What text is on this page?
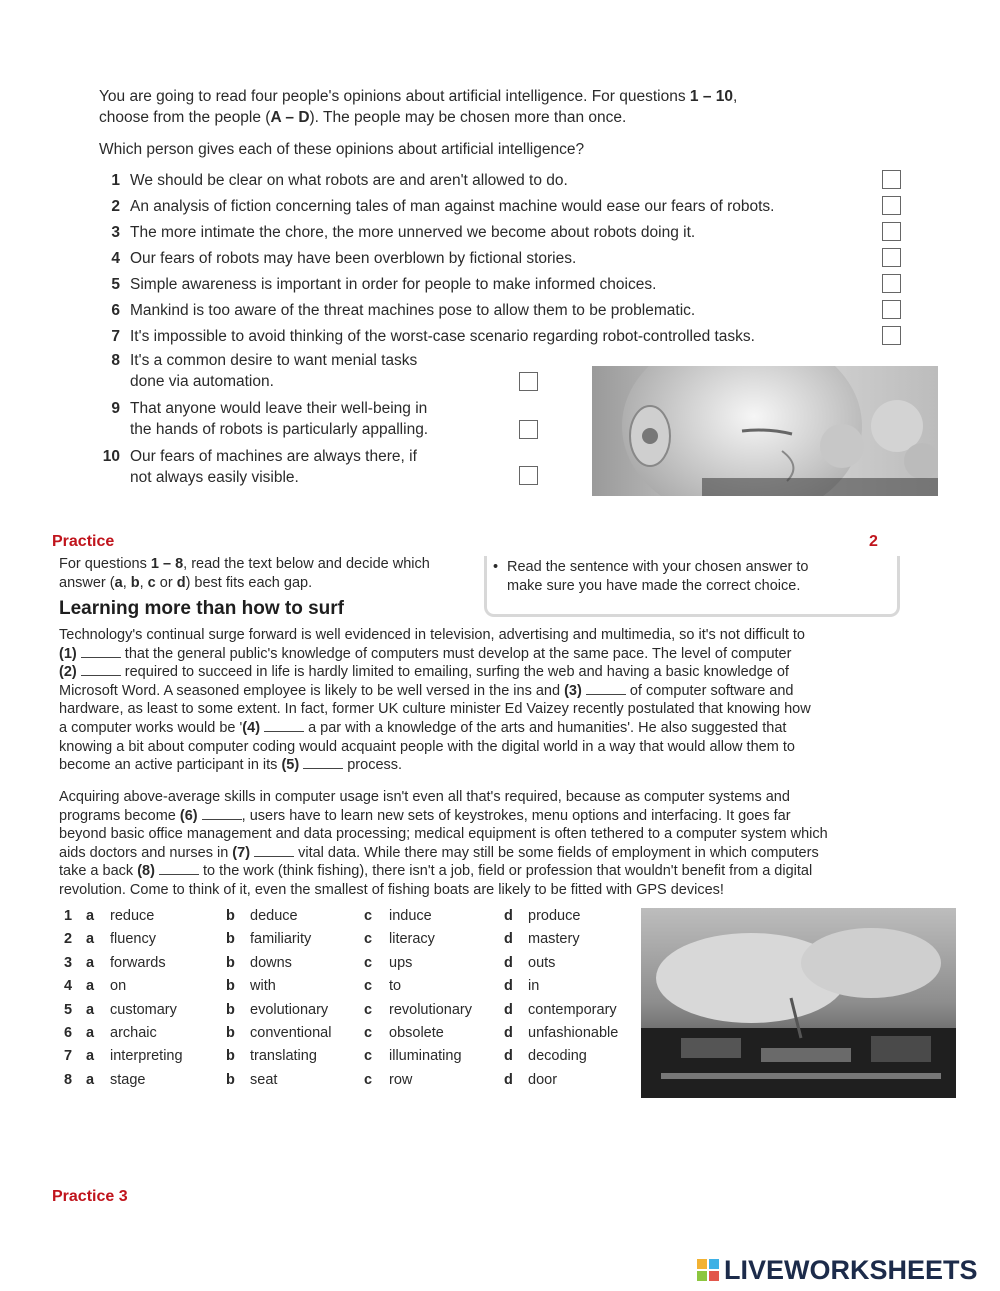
You are going to read four people's opinions about artificial intelligence. For questions 1 – 10,
choose from the people (A – D). The people may be chosen more than once.
Which person gives each of these opinions about artificial intelligence?
1 We should be clear on what robots are and aren't allowed to do.
2 An analysis of fiction concerning tales of man against machine would ease our fears of robots.
3 The more intimate the chore, the more unnerved we become about robots doing it.
4 Our fears of robots may have been overblown by fictional stories.
5 Simple awareness is important in order for people to make informed choices.
6 Mankind is too aware of the threat machines pose to allow them to be problematic.
7 It's impossible to avoid thinking of the worst-case scenario regarding robot-controlled tasks.
8 It's a common desire to want menial tasks
done via automation.
9 That anyone would leave their well-being in
the hands of robots is particularly appalling.
10 Our fears of machines are always there, if
not always easily visible.
Practice	2
For questions 1 – 8, read the text below and decide which
answer (a, b, c or d) best fits each gap.
• Read the sentence with your chosen answer to
make sure you have made the correct choice.
Learning more than how to surf
Technology's continual surge forward is well evidenced in television, advertising and multimedia, so it's not difficult to
(1)	that the general public's knowledge of computers must develop at the same pace. The level of computer
(2)	required to succeed in life is hardly limited to emailing, surfing the web and having a basic knowledge of
Microsoft Word. A seasoned employee is likely to be well versed in the ins and (3)	of computer software and
hardware, as least to some extent. In fact, former UK culture minister Ed Vaizey recently postulated that knowing how
a computer works would be '(4)	a par with a knowledge of the arts and humanities'. He also suggested that
knowing a bit about computer coding would acquaint people with the digital world in a way that would allow them to
become an active participant in its (5)	process.
Acquiring above-average skills in computer usage isn't even all that's required, because as computer systems and
programs become (6)	, users have to learn new sets of keystrokes, menu options and interfacing. It goes far
beyond basic office management and data processing; medical equipment is often tethered to a computer system which
aids doctors and nurses in (7)	vital data. While there may still be some fields of employment in which computers
take a back (8)	to the work (think fishing), there isn't a job, field or profession that wouldn't benefit from a digital
revolution. Come to think of it, even the smallest of fishing boats are likely to be fitted with GPS devices!
1 a reduce	b deduce	c induce	d produce
2 a fluency	b familiarity	c literacy	d mastery
3 a forwards	b downs	c ups	d outs
4 a on	b with	c to	d in
5 a customary	b evolutionary c revolutionary d contemporary
6 a archaic	b conventional c obsolete	d unfashionable
7 a interpreting	b translating	c illuminating	d decoding
8 a stage	b seat	c row	d door
Practice 3
LIVEWORKSHEETS
